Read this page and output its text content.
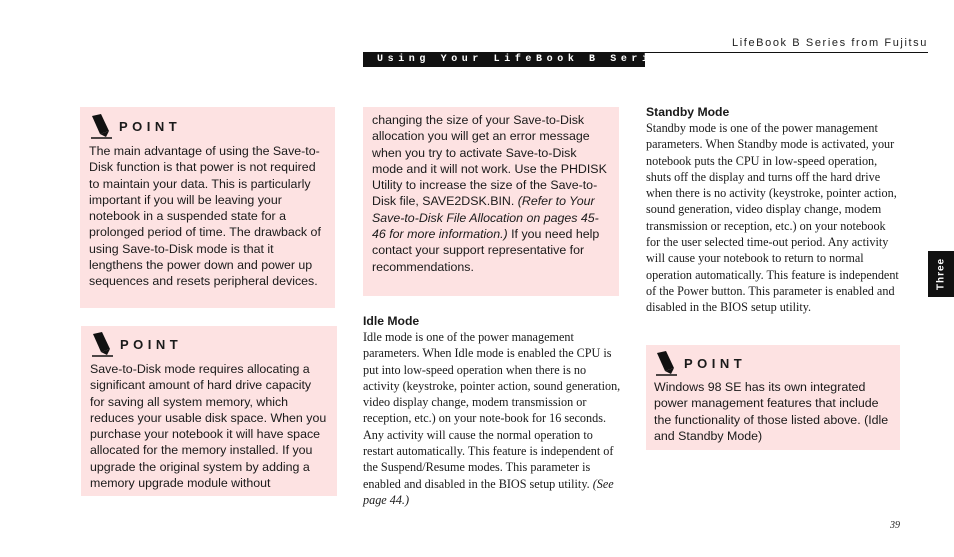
LifeBook B Series from Fujitsu
Using Your LifeBook B Series
POINT

The main advantage of using the Save-to-Disk function is that power is not required to maintain your data. This is particularly important if you will be leaving your notebook in a suspended state for a prolonged period of time. The drawback of using Save-to-Disk mode is that it lengthens the power down and power up sequences and resets peripheral devices.

POINT

Save-to-Disk mode requires allocating a significant amount of hard drive capacity for saving all system memory, which reduces your usable disk space. When you purchase your notebook it will have space allocated for the memory installed. If you upgrade the original system by adding a memory upgrade module without

changing the size of your Save-to-Disk allocation you will get an error message when you try to activate Save-to-Disk mode and it will not work. Use the PHDISK Utility to increase the size of the Save-to-Disk file, SAVE2DSK.BIN. (Refer to Your Save-to-Disk File Allocation on pages 45-46 for more information.) If you need help contact your support representative for recommendations.

Idle Mode

Idle mode is one of the power management parameters. When Idle mode is enabled the CPU is put into low-speed operation when there is no activity (keystroke, pointer action, sound generation, video display change, modem transmission or reception, etc.) on your note-book for 16 seconds. Any activity will cause the normal operation to restart automatically. This feature is independent of the Suspend/Resume modes. This parameter is enabled and disabled in the BIOS setup utility. (See page 44.)

Standby Mode

Standby mode is one of the power management parameters. When Standby mode is activated, your notebook puts the CPU in low-speed operation, shuts off the display and turns off the hard drive when there is no activity (keystroke, pointer action, sound generation, video display change, modem transmission or reception, etc.) on your notebook for the user selected time-out period. Any activity will cause your notebook to return to normal operation automatically. This feature is independent of the Power button. This parameter is enabled and disabled in the BIOS setup utility.

POINT

Windows 98 SE has its own integrated power management features that include the functionality of those listed above. (Idle and Standby Mode)

Three
39
